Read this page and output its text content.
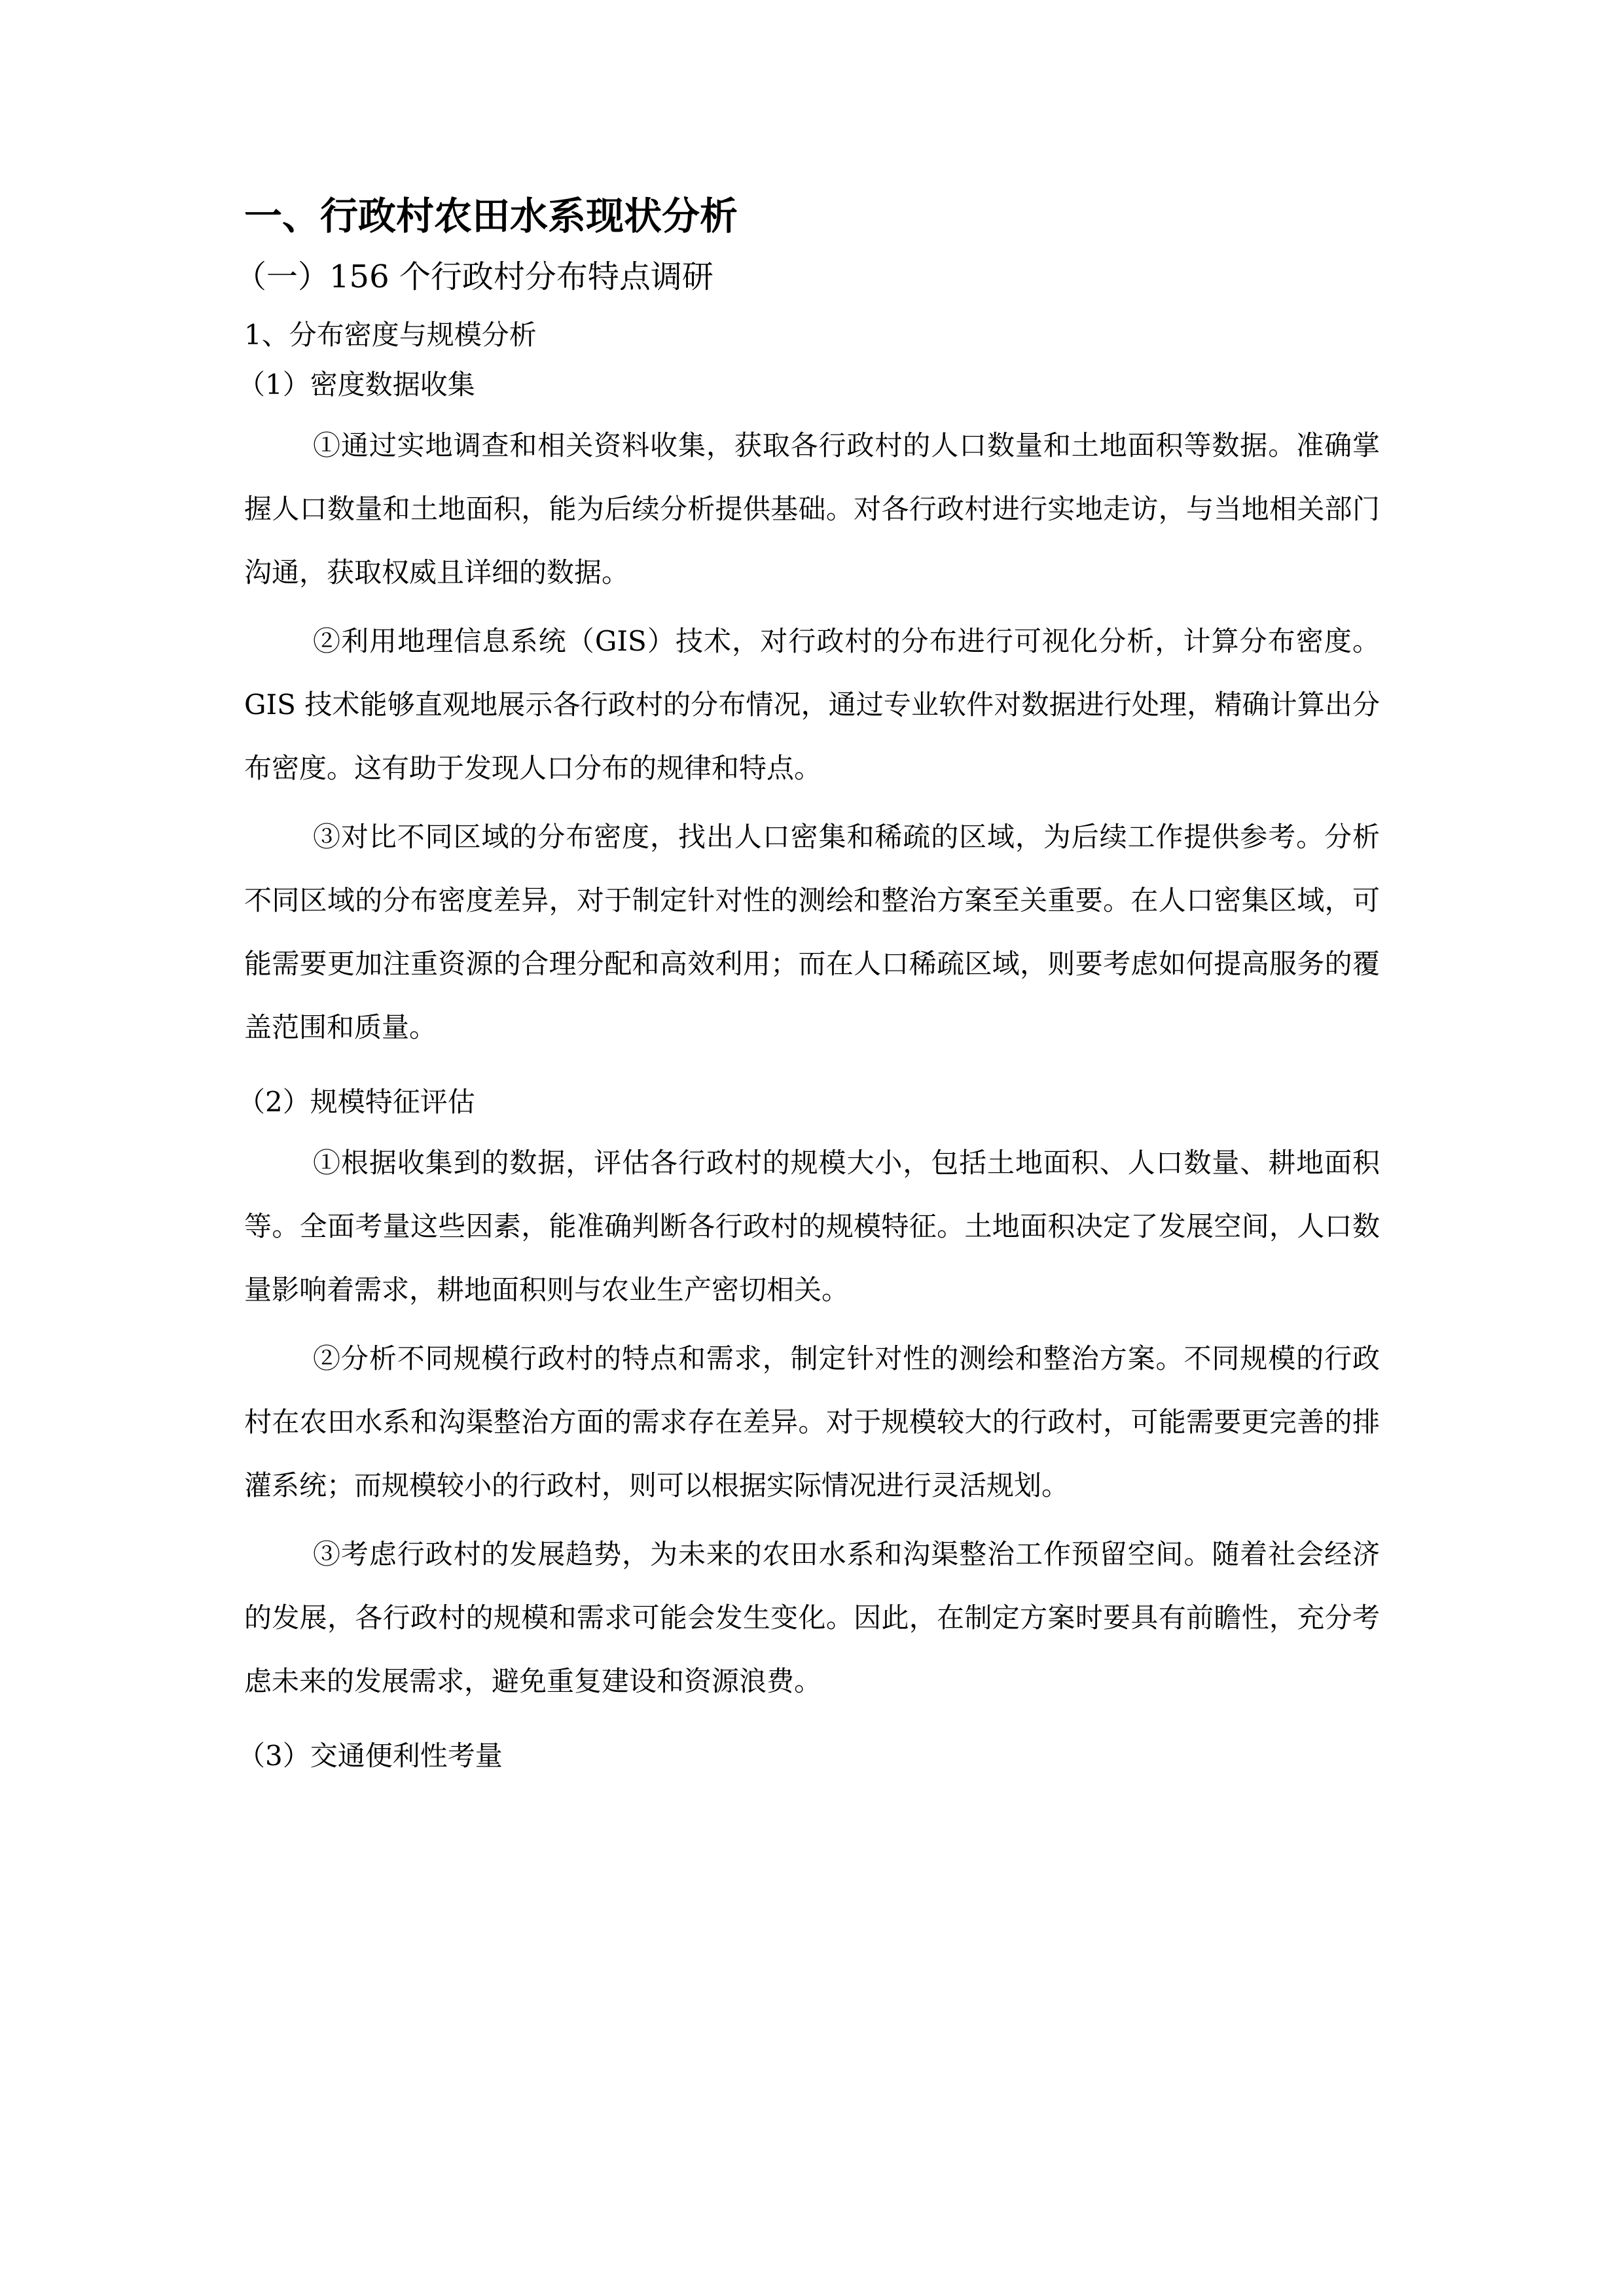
一、行政村农田水系现状分析
（一）156 个行政村分布特点调研
1、分布密度与规模分析
（1）密度数据收集
①通过实地调查和相关资料收集，获取各行政村的人口数量和土地面积等数据。准确掌握人口数量和土地面积，能为后续分析提供基础。对各行政村进行实地走访，与当地相关部门沟通，获取权威且详细的数据。
②利用地理信息系统（GIS）技术，对行政村的分布进行可视化分析，计算分布密度。GIS 技术能够直观地展示各行政村的分布情况，通过专业软件对数据进行处理，精确计算出分布密度。这有助于发现人口分布的规律和特点。
③对比不同区域的分布密度，找出人口密集和稀疏的区域，为后续工作提供参考。分析不同区域的分布密度差异，对于制定针对性的测绘和整治方案至关重要。在人口密集区域，可能需要更加注重资源的合理分配和高效利用；而在人口稀疏区域，则要考虑如何提高服务的覆盖范围和质量。
（2）规模特征评估
①根据收集到的数据，评估各行政村的规模大小，包括土地面积、人口数量、耕地面积等。全面考量这些因素，能准确判断各行政村的规模特征。土地面积决定了发展空间，人口数量影响着需求，耕地面积则与农业生产密切相关。
②分析不同规模行政村的特点和需求，制定针对性的测绘和整治方案。不同规模的行政村在农田水系和沟渠整治方面的需求存在差异。对于规模较大的行政村，可能需要更完善的排灌系统；而规模较小的行政村，则可以根据实际情况进行灵活规划。
③考虑行政村的发展趋势，为未来的农田水系和沟渠整治工作预留空间。随着社会经济的发展，各行政村的规模和需求可能会发生变化。因此，在制定方案时要具有前瞻性，充分考虑未来的发展需求，避免重复建设和资源浪费。
（3）交通便利性考量
